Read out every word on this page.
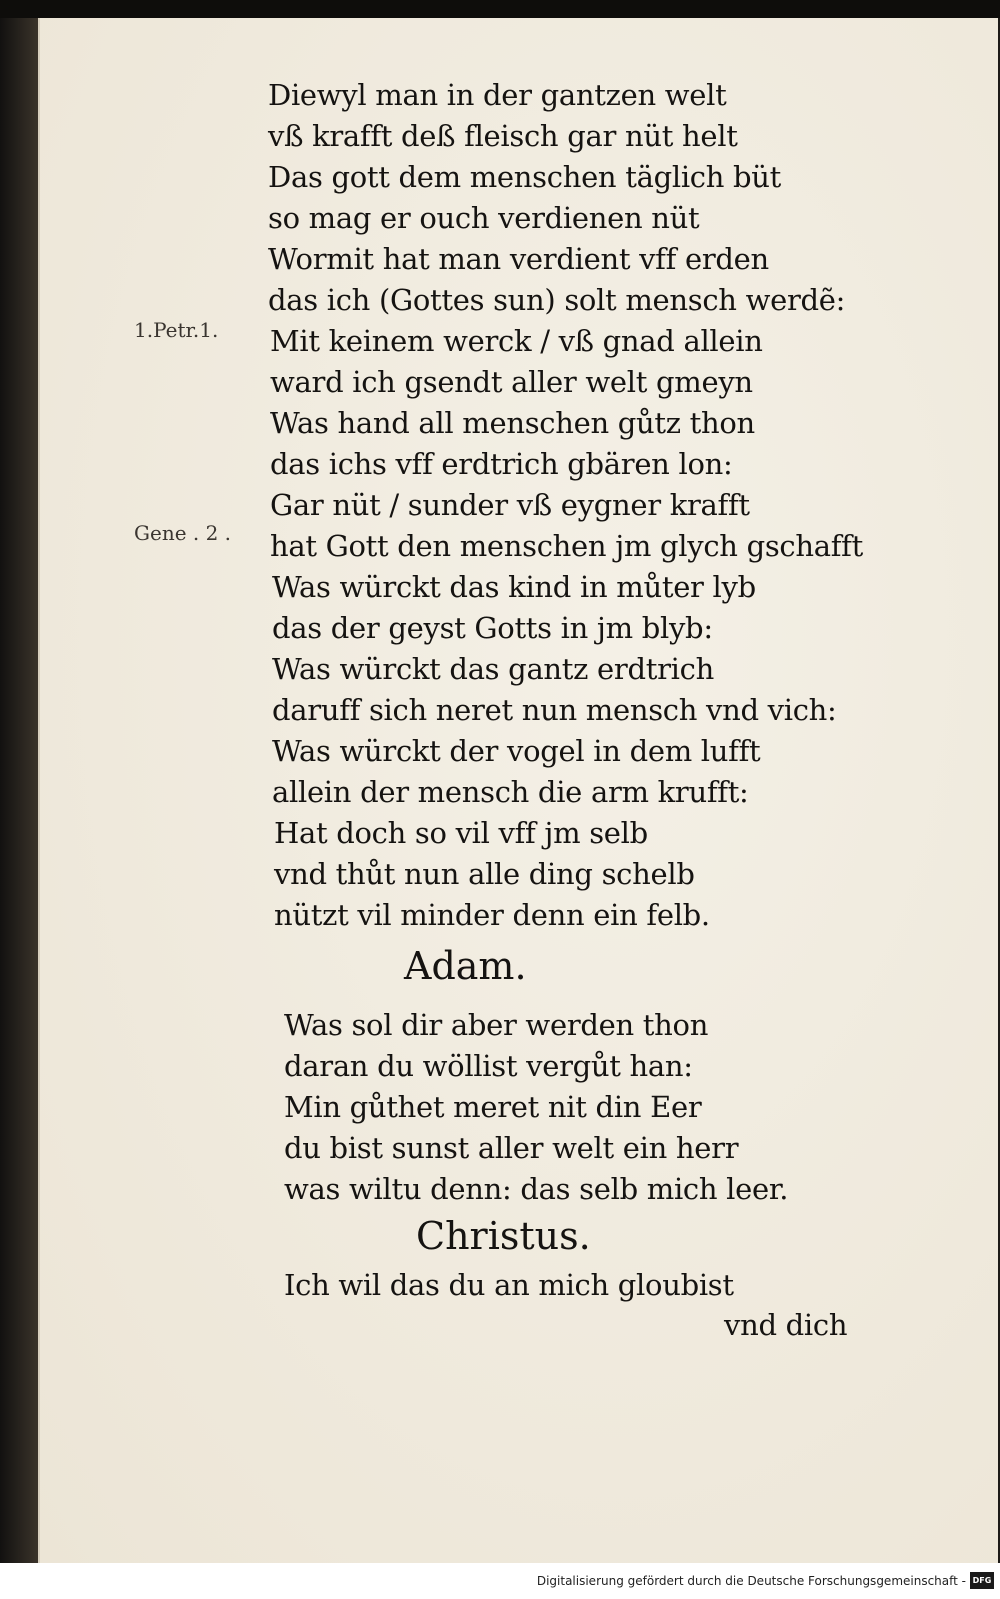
1.Petr.1.
Gene . 2 .
Diewyl man in der gantzen welt
vß krafft deß fleisch gar nüt helt
Das gott dem menschen täglich büt
so mag er ouch verdienen nüt
Wormit hat man verdient vff erden
das ich (Gottes sun) solt mensch werdẽ:
Mit keinem werck / vß gnad allein
ward ich gsendt aller welt gmeyn
Was hand all menschen gůtz thon
das ichs vff erdtrich gbären lon:
Gar nüt / sunder vß eygner krafft
hat Gott den menschen jm glych gschafft
Was würckt das kind in můter lyb
das der geyst Gotts in jm blyb:
Was würckt das gantz erdtrich
daruff sich neret nun mensch vnd vich:
Was würckt der vogel in dem lufft
allein der mensch die arm krufft:
Hat doch so vil vff jm selb
vnd thůt nun alle ding schelb
nützt vil minder denn ein felb.
Adam.
Was sol dir aber werden thon
daran du wöllist vergůt han:
Min gůthet meret nit din Eer
du bist sunst aller welt ein herr
was wiltu denn: das selb mich leer.
Christus.
Ich wil das du an mich gloubist
vnd dich
Digitalisierung gefördert durch die Deutsche Forschungsgemeinschaft - DFG
